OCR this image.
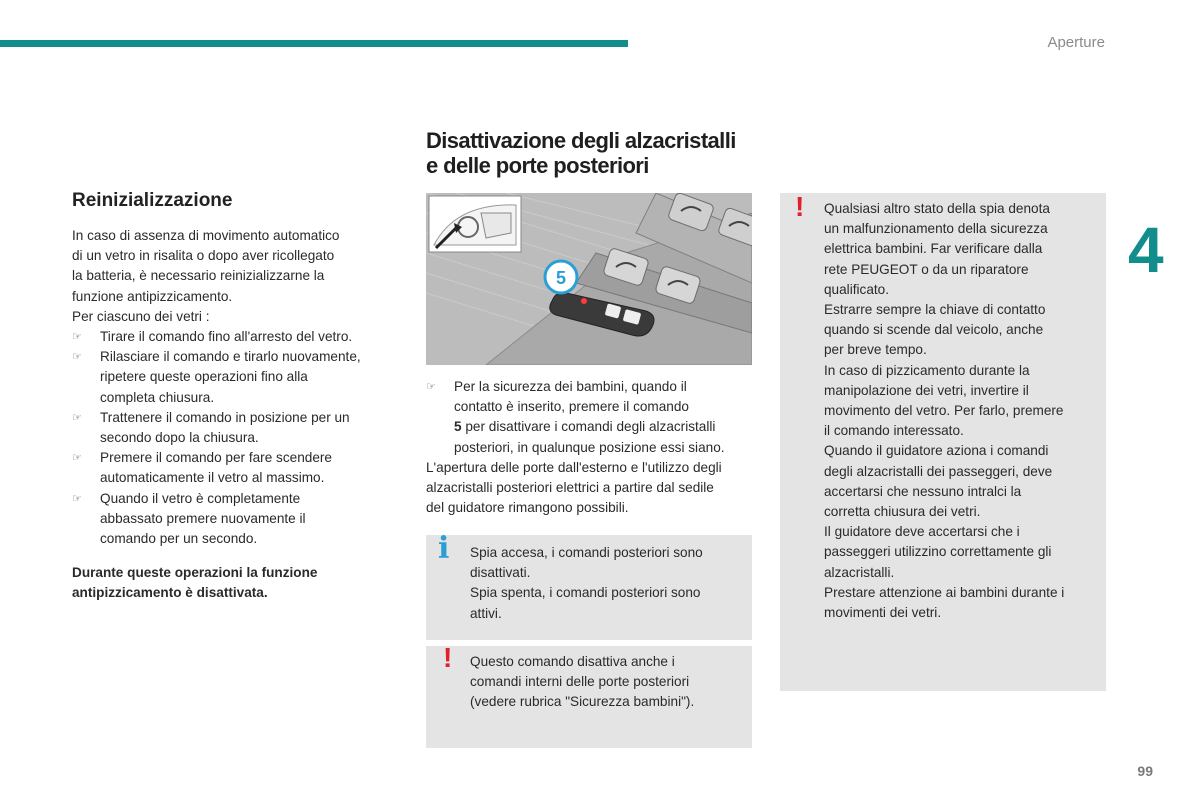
Aperture
4
99
Reinizializzazione
In caso di assenza di movimento automatico
di un vetro in risalita o dopo aver ricollegato
la batteria, è necessario reinizializzarne la
funzione antipizzicamento.
Per ciascuno dei vetri :
☞ Tirare il comando fino all'arresto del vetro.
☞ Rilasciare il comando e tirarlo nuovamente,
ripetere queste operazioni fino alla
completa chiusura.
☞ Trattenere il comando in posizione per un
secondo dopo la chiusura.
☞ Premere il comando per fare scendere
automaticamente il vetro al massimo.
☞ Quando il vetro è completamente
abbassato premere nuovamente il
comando per un secondo.
Durante queste operazioni la funzione
antipizzicamento è disattivata.
Disattivazione degli alzacristalli
e delle porte posteriori
5
☞ Per la sicurezza dei bambini, quando il
contatto è inserito, premere il comando
5 per disattivare i comandi degli alzacristalli
posteriori, in qualunque posizione essi siano.
L'apertura delle porte dall'esterno e l'utilizzo degli
alzacristalli posteriori elettrici a partire dal sedile
del guidatore rimangono possibili.
i Spia accesa, i comandi posteriori sono
disattivati.
Spia spenta, i comandi posteriori sono
attivi.
! Questo comando disattiva anche i
comandi interni delle porte posteriori
(vedere rubrica "Sicurezza bambini").
! Qualsiasi altro stato della spia denota
un malfunzionamento della sicurezza
elettrica bambini. Far verificare dalla
rete PEUGEOT o da un riparatore
qualificato.
Estrarre sempre la chiave di contatto
quando si scende dal veicolo, anche
per breve tempo.
In caso di pizzicamento durante la
manipolazione dei vetri, invertire il
movimento del vetro. Per farlo, premere
il comando interessato.
Quando il guidatore aziona i comandi
degli alzacristalli dei passeggeri, deve
accertarsi che nessuno intralci la
corretta chiusura dei vetri.
Il guidatore deve accertarsi che i
passeggeri utilizzino correttamente gli
alzacristalli.
Prestare attenzione ai bambini durante i
movimenti dei vetri.
